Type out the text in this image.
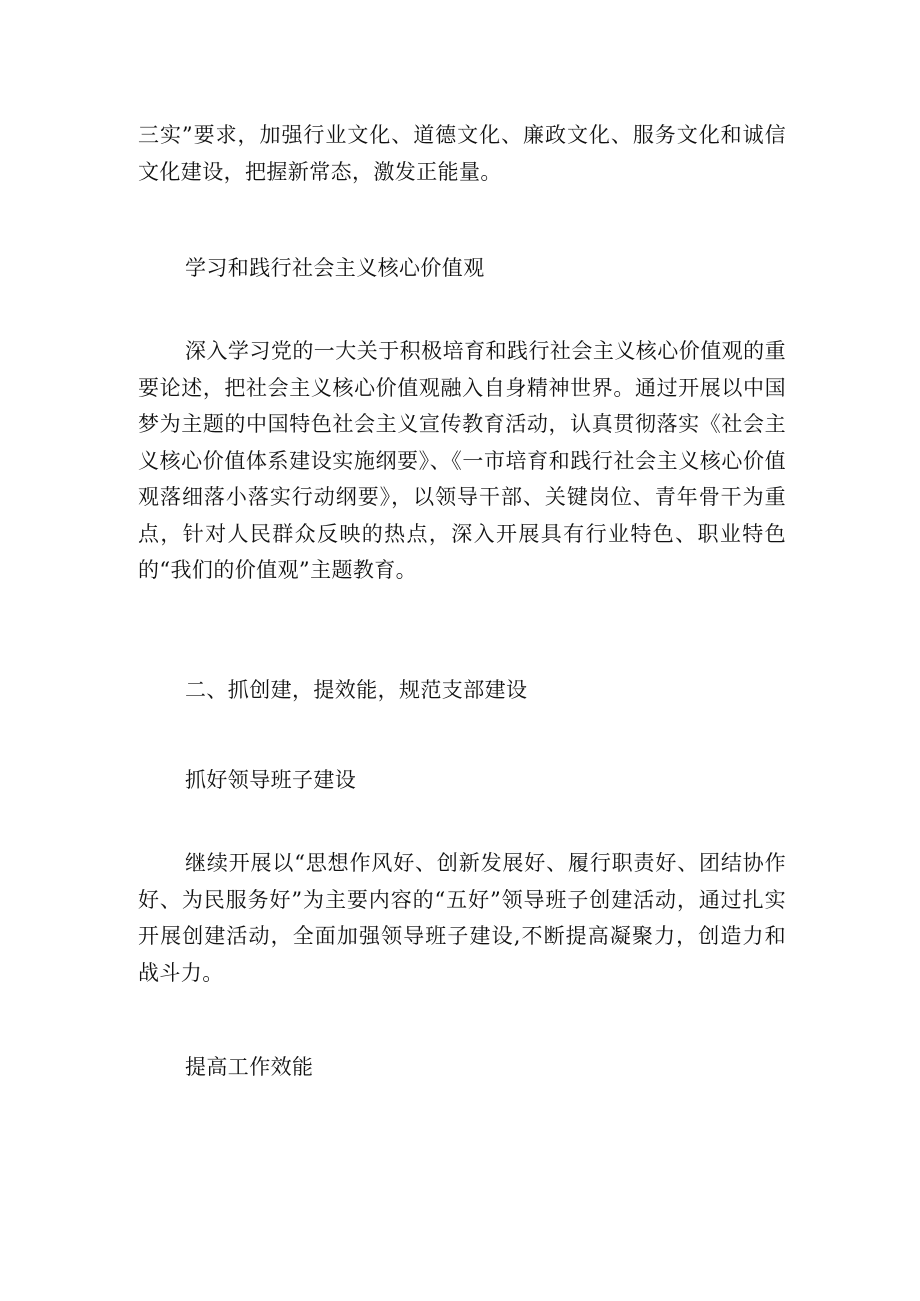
三实”要求，加强行业文化、道德文化、廉政文化、服务文化和诚信文化建设，把握新常态，激发正能量。

学习和践行社会主义核心价值观

深入学习党的一大关于积极培育和践行社会主义核心价值观的重要论述，把社会主义核心价值观融入自身精神世界。通过开展以中国梦为主题的中国特色社会主义宣传教育活动，认真贯彻落实《社会主义核心价值体系建设实施纲要》、《一市培育和践行社会主义核心价值观落细落小落实行动纲要》，以领导干部、关键岗位、青年骨干为重点，针对人民群众反映的热点，深入开展具有行业特色、职业特色的“我们的价值观”主题教育。

二、抓创建，提效能，规范支部建设

抓好领导班子建设

继续开展以“思想作风好、创新发展好、履行职责好、团结协作好、为民服务好”为主要内容的“五好”领导班子创建活动，通过扎实开展创建活动，全面加强领导班子建设,不断提高凝聚力，创造力和战斗力。

提高工作效能
